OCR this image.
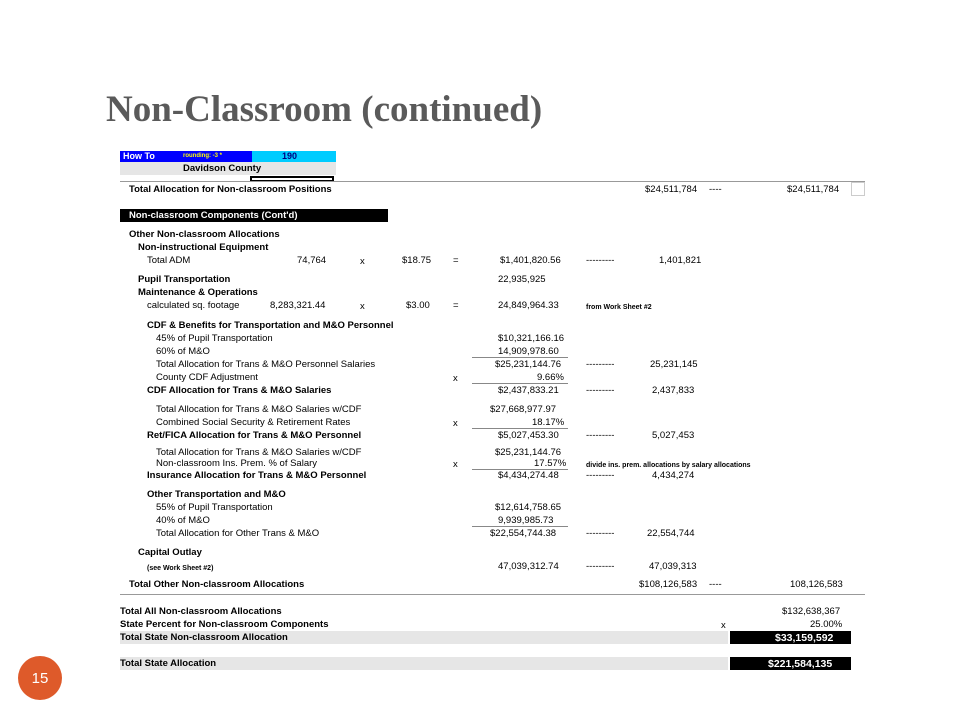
Non-Classroom (continued)
How To	rounding: -3 *	190
Davidson County
Total Allocation for Non-classroom Positions	$24,511,784 ----	$24,511,784
Non-classroom Components (Cont'd)
Other Non-classroom Allocations
Non-instructional Equipment
Total ADM	74,764	x	$18.75 =	$1,401,820.56	---------	1,401,821
Pupil Transportation	22,935,925
Maintenance & Operations
calculated sq. footage	8,283,321.44	x	$3.00 =	24,849,964.33	from Work Sheet #2
CDF & Benefits for Transportation and M&O Personnel
45% of Pupil Transportation	$10,321,166.16
60% of M&O	14,909,978.60
Total Allocation for Trans & M&O Personnel Salaries	$25,231,144.76	---------	25,231,145
County CDF Adjustment	x	9.66%
CDF Allocation for Trans & M&O Salaries	$2,437,833.21	---------	2,437,833
Total Allocation for Trans & M&O Salaries w/CDF	$27,668,977.97
Combined Social Security & Retirement Rates	x	18.17%
Ret/FICA Allocation for Trans & M&O Personnel	$5,027,453.30	---------	5,027,453
Total Allocation for Trans & M&O Salaries w/CDF	$25,231,144.76
Non-classroom Ins. Prem. % of Salary	x	17.57%	divide ins. prem. allocations by salary allocations
Insurance Allocation for Trans & M&O Personnel	$4,434,274.48	---------	4,434,274
Other Transportation and M&O
55% of Pupil Transportation	$12,614,758.65
40% of M&O	9,939,985.73
Total Allocation for Other Trans & M&O	$22,554,744.38	---------	22,554,744
Capital Outlay
(see Work Sheet #2)	47,039,312.74	---------	47,039,313
Total Other Non-classroom Allocations	$108,126,583 ----	108,126,583
Total All Non-classroom Allocations	$132,638,367
State Percent for Non-classroom Components	x	25.00%
Total State Non-classroom Allocation	$33,159,592
Total State Allocation	$221,584,135
15
